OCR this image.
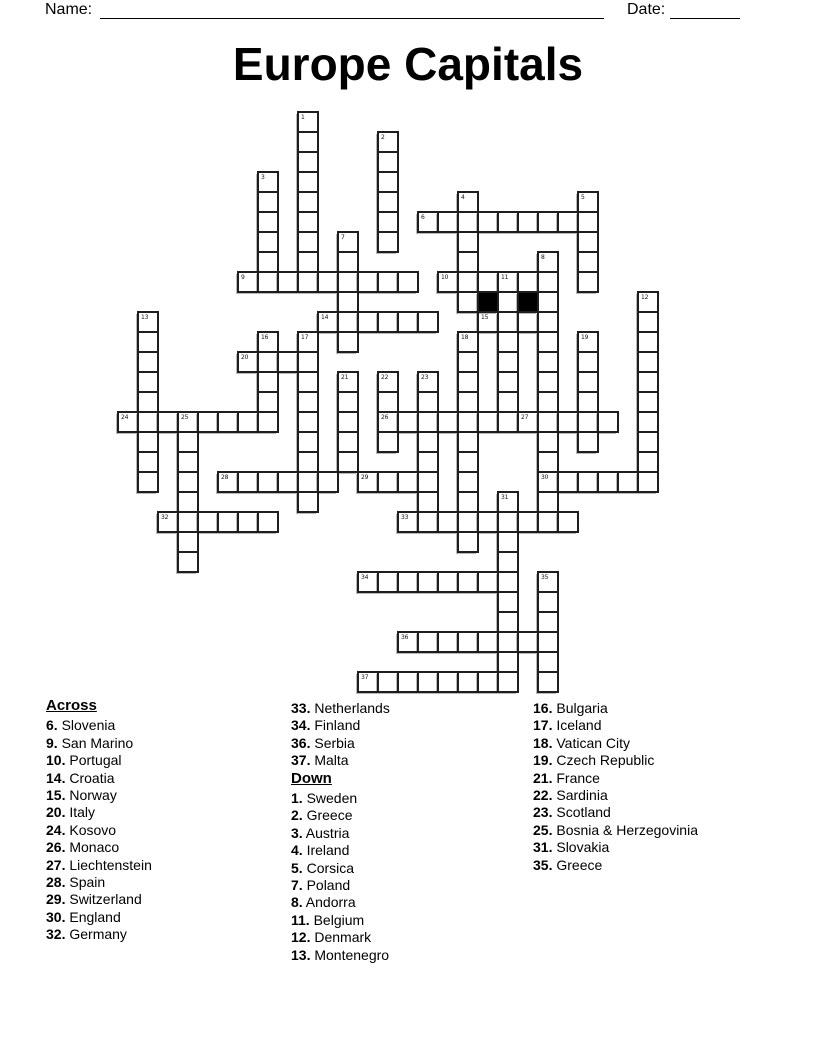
Name:	Date:
Europe Capitals
1
2
3
4	5
6
7
8
9	10	11
12
13	14	15
16	17	18	19
20
21	22	23
24	25	26	27
28	29	30
31
32	33
34	35
36
37
Across
6. Slovenia
9. San Marino
10. Portugal
14. Croatia
15. Norway
20. Italy
24. Kosovo
26. Monaco
27. Liechtenstein
28. Spain
29. Switzerland
30. England
32. Germany
33. Netherlands
34. Finland
36. Serbia
37. Malta
Down
1. Sweden
2. Greece
3. Austria
4. Ireland
5. Corsica
7. Poland
8. Andorra
11. Belgium
12. Denmark
13. Montenegro
16. Bulgaria
17. Iceland
18. Vatican City
19. Czech Republic
21. France
22. Sardinia
23. Scotland
25. Bosnia & Herzegovinia
31. Slovakia
35. Greece
